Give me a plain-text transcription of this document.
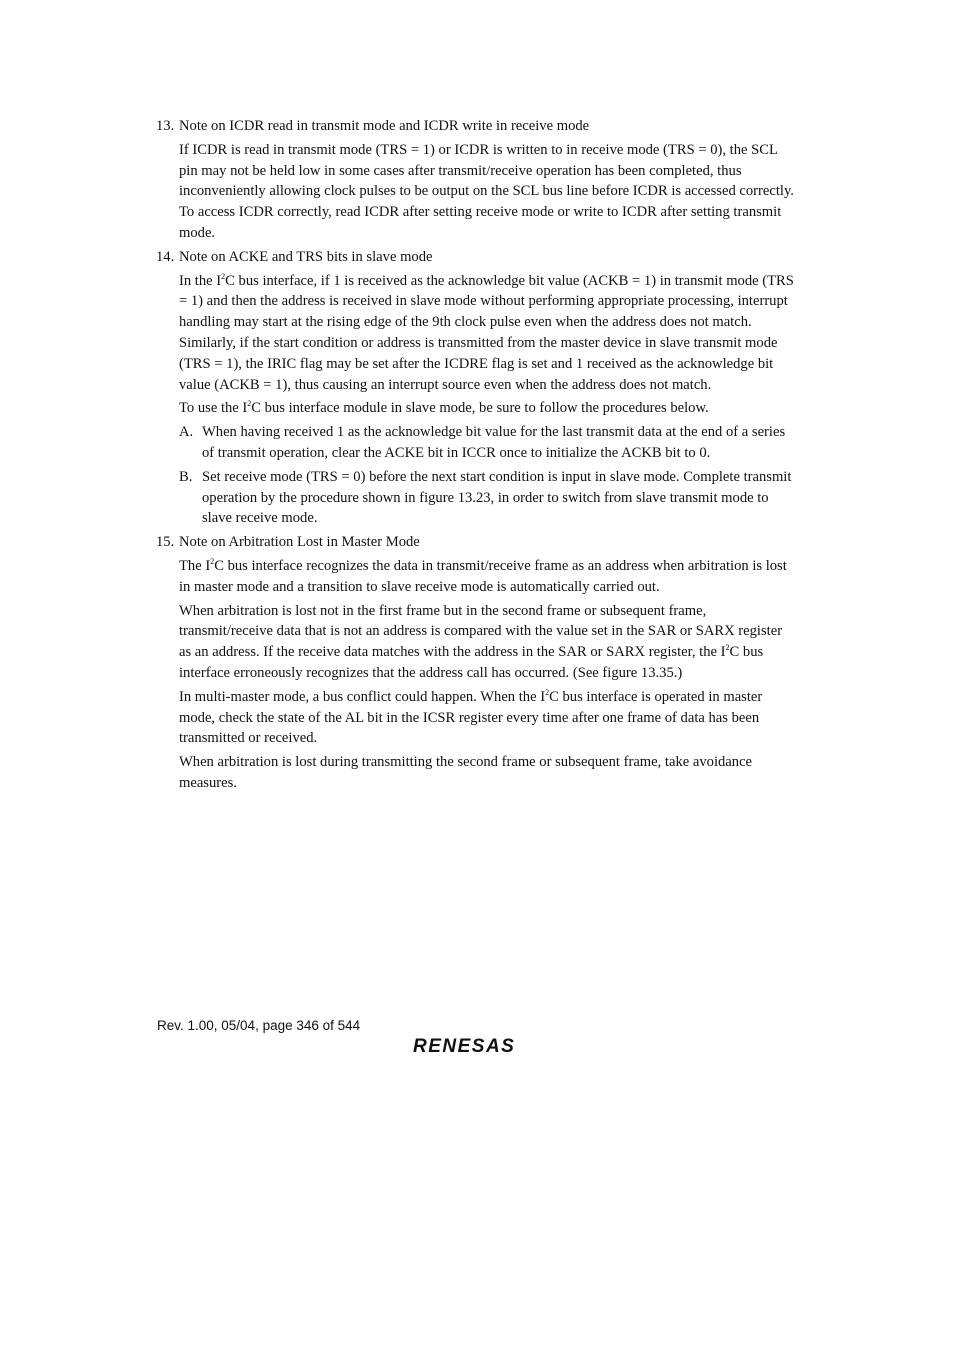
13. Note on ICDR read in transmit mode and ICDR write in receive mode

If ICDR is read in transmit mode (TRS = 1) or ICDR is written to in receive mode (TRS = 0), the SCL pin may not be held low in some cases after transmit/receive operation has been completed, thus inconveniently allowing clock pulses to be output on the SCL bus line before ICDR is accessed correctly. To access ICDR correctly, read ICDR after setting receive mode or write to ICDR after setting transmit mode.

14. Note on ACKE and TRS bits in slave mode

In the $I^2C$ bus interface, if 1 is received as the acknowledge bit value (ACKB = 1) in transmit mode (TRS = 1) and then the address is received in slave mode without performing appropriate processing, interrupt handling may start at the rising edge of the 9th clock pulse even when the address does not match. Similarly, if the start condition or address is transmitted from the master device in slave transmit mode (TRS = 1), the IRIC flag may be set after the ICDRE flag is set and 1 received as the acknowledge bit value (ACKB = 1), thus causing an interrupt source even when the address does not match.

To use the $I^2C$ bus interface module in slave mode, be sure to follow the procedures below.

A. When having received 1 as the acknowledge bit value for the last transmit data at the end of a series of transmit operation, clear the ACKE bit in ICCR once to initialize the ACKB bit to 0.
B. Set receive mode (TRS = 0) before the next start condition is input in slave mode. Complete transmit operation by the procedure shown in figure 13.23, in order to switch from slave transmit mode to slave receive mode.
15. Note on Arbitration Lost in Master Mode

The $I^2C$ bus interface recognizes the data in transmit/receive frame as an address when arbitration is lost in master mode and a transition to slave receive mode is automatically carried out.

When arbitration is lost not in the first frame but in the second frame or subsequent frame, transmit/receive data that is not an address is compared with the value set in the SAR or SARX register as an address. If the receive data matches with the address in the SAR or SARX register, the $I^2C$ bus interface erroneously recognizes that the address call has occurred. (See figure 13.35.)

In multi-master mode, a bus conflict could happen. When the $I^2C$ bus interface is operated in master mode, check the state of the AL bit in the ICSR register every time after one frame of data has been transmitted or received.

When arbitration is lost during transmitting the second frame or subsequent frame, take avoidance measures.

Rev. 1.00, 05/04, page 346 of 544
RENESAS
